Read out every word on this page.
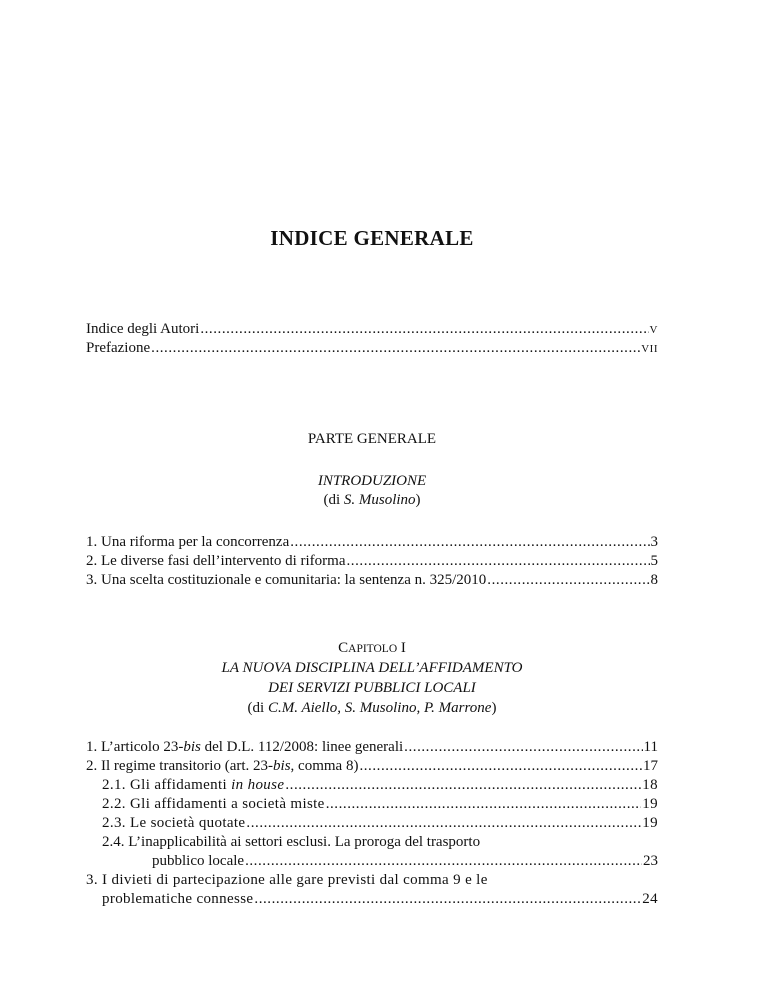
INDICE GENERALE
Indice degli Autori . . .	V
Prefazione . . .	VII
PARTE GENERALE
INTRODUZIONE
(di S. Musolino)
1. Una riforma per la concorrenza . . .	3
2. Le diverse fasi dell’intervento di riforma . . .	5
3. Una scelta costituzionale e comunitaria: la sentenza n. 325/2010 . . .	8
CAPITOLO I
LA NUOVA DISCIPLINA DELL’AFFIDAMENTO
DEI SERVIZI PUBBLICI LOCALI
(di C.M. Aiello, S. Musolino, P. Marrone)
1. L’articolo 23-bis del D.L. 112/2008: linee generali . . .	11
2. Il regime transitorio (art. 23-bis, comma 8) . . .	17
2.1. Gli affidamenti in house . . .	18
2.2. Gli affidamenti a società miste . . .	19
2.3. Le società quotate . . .	19
2.4. L’inapplicabilità ai settori esclusi. La proroga del trasporto
pubblico locale . . .	23
3. I divieti di partecipazione alle gare previsti dal comma 9 e le
problematiche connesse . . .	24
